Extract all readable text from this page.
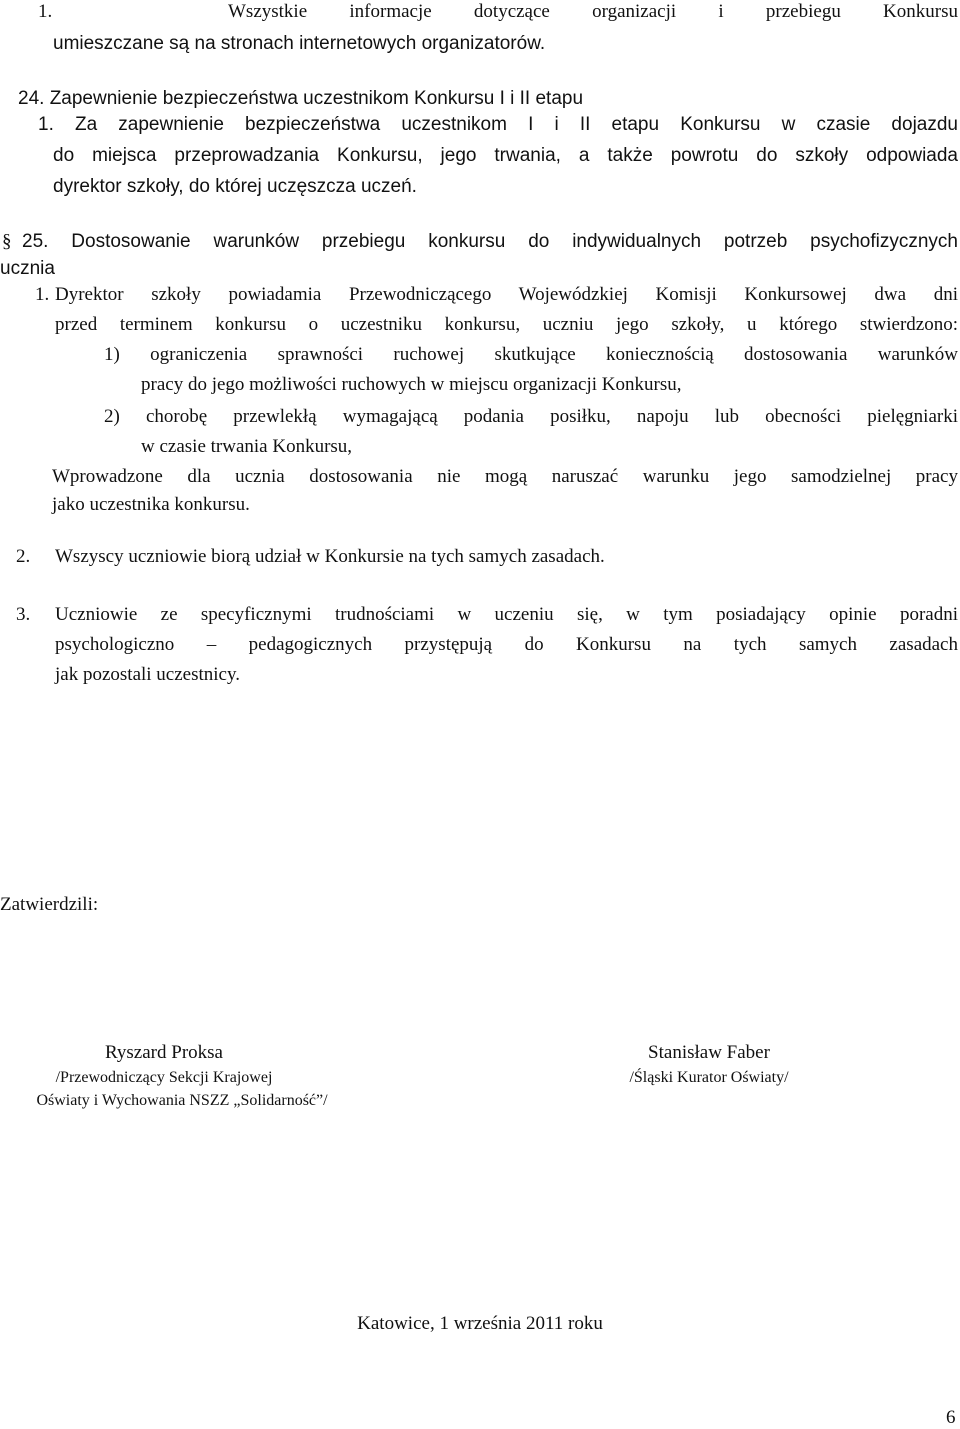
1.	Wszystkie informacje dotyczące organizacji i przebiegu Konkursu
umieszczane są na stronach internetowych organizatorów.
24. Zapewnienie bezpieczeństwa uczestnikom Konkursu I i II etapu
1. Za zapewnienie bezpieczeństwa uczestnikom I i II etapu Konkursu w czasie dojazdu
do miejsca przeprowadzania Konkursu, jego trwania, a także powrotu do szkoły odpowiada
dyrektor szkoły, do której uczęszcza uczeń.
§ 25. Dostosowanie warunków przebiegu konkursu do indywidualnych potrzeb psychofizycznych
ucznia
1. Dyrektor szkoły powiadamia Przewodniczącego Wojewódzkiej Komisji Konkursowej dwa dni
przed terminem konkursu o uczestniku konkursu, uczniu jego szkoły, u którego stwierdzono:
1) ograniczenia sprawności ruchowej skutkujące koniecznością dostosowania warunków
pracy do jego możliwości ruchowych w miejscu organizacji Konkursu,
2) chorobę przewlekłą wymagającą podania posiłku, napoju lub obecności pielęgniarki
w czasie trwania Konkursu,
Wprowadzone dla ucznia dostosowania nie mogą naruszać warunku jego samodzielnej pracy
jako uczestnika konkursu.
2. Wszyscy uczniowie biorą udział w Konkursie na tych samych zasadach.
3. Uczniowie ze specyficznymi trudnościami w uczeniu się, w tym posiadający opinie poradni
psychologiczno – pedagogicznych przystępują do Konkursu na tych samych zasadach
jak pozostali uczestnicy.
Zatwierdzili:
Ryszard Proksa
/Przewodniczący Sekcji Krajowej
Oświaty i Wychowania NSZZ „Solidarność”/
Stanisław Faber
/Śląski Kurator Oświaty/
Katowice, 1 września 2011 roku
6
